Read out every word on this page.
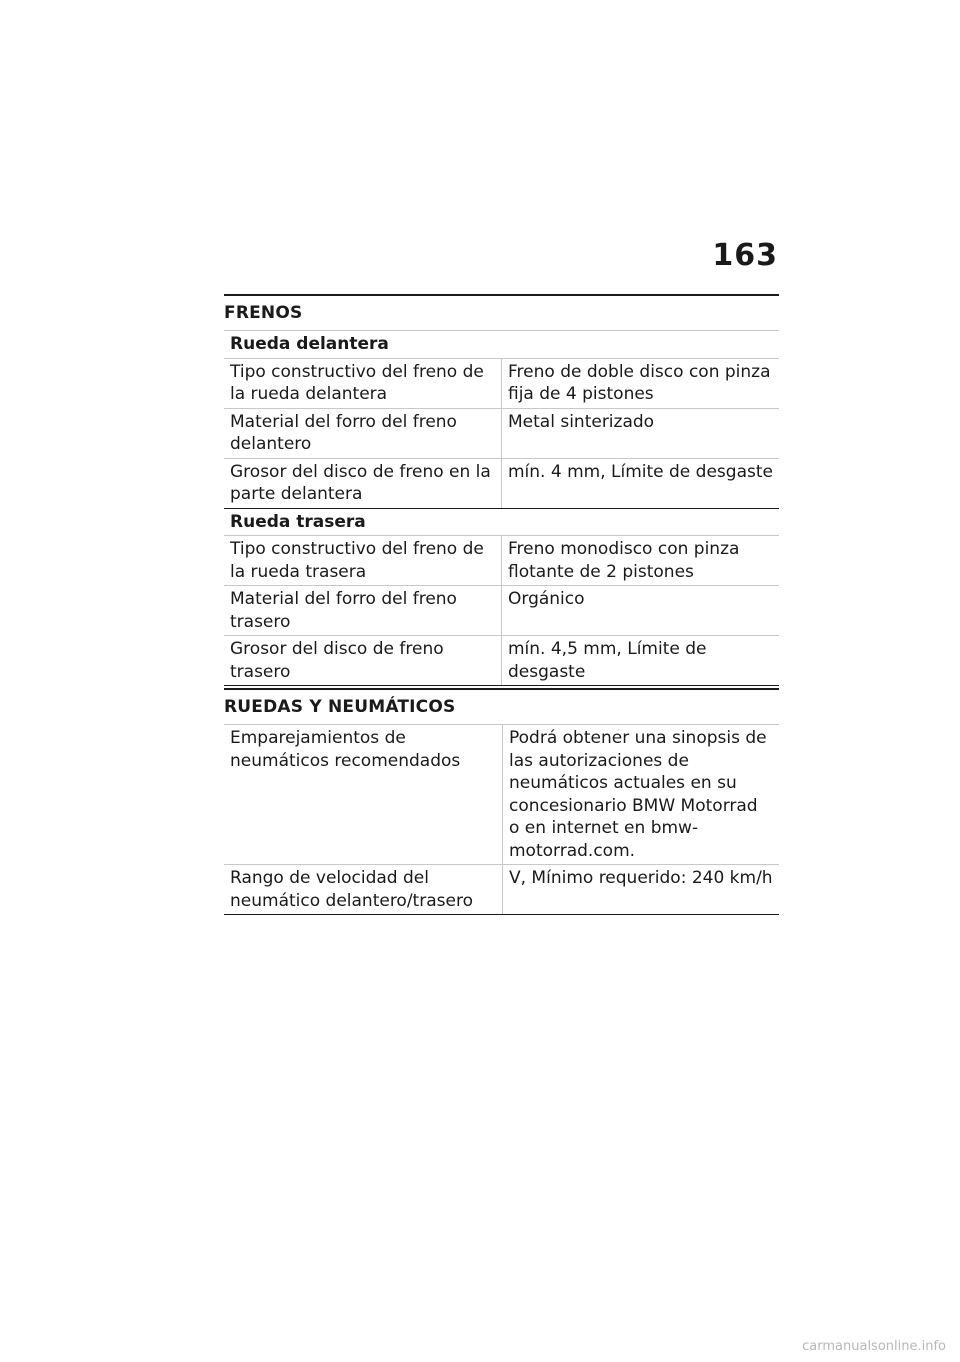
163
FRENOS
Rueda delantera	
Tipo constructivo del freno de la rueda delantera	Freno de doble disco con pinza fija de 4 pistones
Material del forro del freno delantero	Metal sinterizado
Grosor del disco de freno en la parte delantera	mín. 4 mm, Límite de desgaste
Rueda trasera	
Tipo constructivo del freno de la rueda trasera	Freno monodisco con pinza flotante de 2 pistones
Material del forro del freno trasero	Orgánico
Grosor del disco de freno trasero	mín. 4,5 mm, Límite de desgaste
RUEDAS Y NEUMÁTICOS
Emparejamientos de neumáticos recomendados	Podrá obtener una sinopsis de las autorizaciones de neumáticos actuales en su concesionario BMW Motorrad o en internet en bmw-motorrad.com.
Rango de velocidad del neumático delantero/trasero	V, Mínimo requerido: 240 km/h
carmanualsonline.info
